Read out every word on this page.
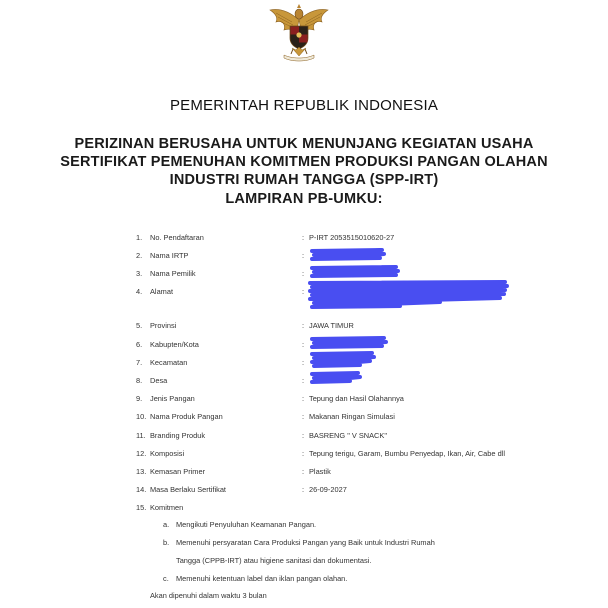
PEMERINTAH REPUBLIK INDONESIA
PERIZINAN BERUSAHA UNTUK MENUNJANG KEGIATAN USAHA
SERTIFIKAT PEMENUHAN KOMITMEN PRODUKSI PANGAN OLAHAN
INDUSTRI RUMAH TANGGA (SPP-IRT)
LAMPIRAN PB-UMKU:
1.	No. Pendaftaran	: P-IRT 2053515010620-27
2.	Nama IRTP	:
3.	Nama Pemilik	:
4.	Alamat	:
5.	Provinsi	: JAWA TIMUR
6.	Kabupten/Kota	:
7.	Kecamatan	:
8.	Desa	:
9.	Jenis Pangan	: Tepung dan Hasil Olahannya
10. Nama Produk Pangan	: Makanan Ringan Simulasi
11. Branding Produk	: BASRENG " V SNACK"
12. Komposisi	: Tepung terigu, Garam, Bumbu Penyedap, Ikan, Air, Cabe dll
13. Kemasan Primer	: Plastik
14. Masa Berlaku Sertifikat	: 26-09-2027
15. Komitmen
a. Mengikuti Penyuluhan Keamanan Pangan.
b. Memenuhi persyaratan Cara Produksi Pangan yang Baik untuk Industri Rumah
Tangga (CPPB-IRT) atau higiene sanitasi dan dokumentasi.
c. Memenuhi ketentuan label dan iklan pangan olahan.
Akan dipenuhi dalam waktu 3 bulan
